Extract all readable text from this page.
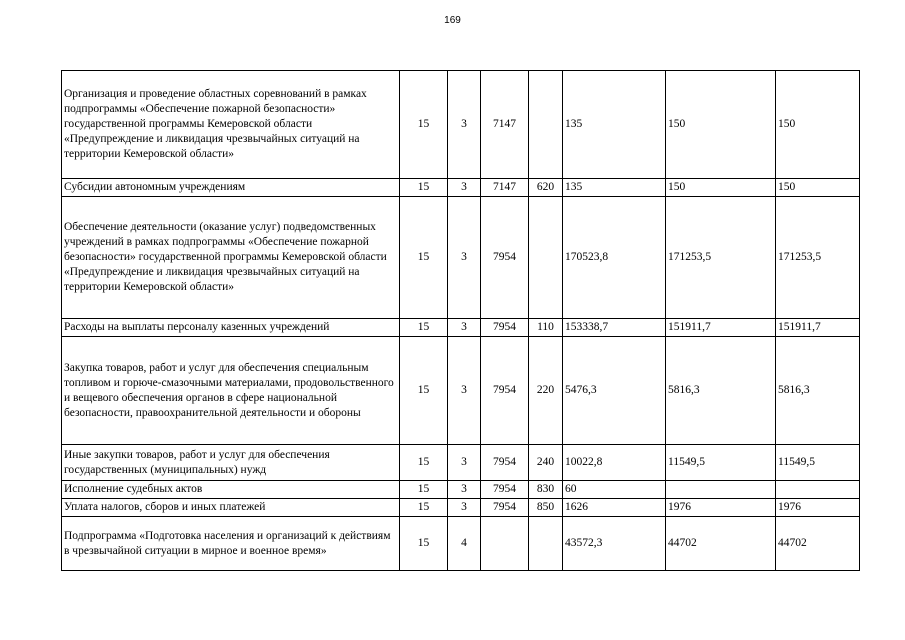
169
Организация и проведение областных соревнований в рамках подпрограммы «Обеспечение пожарной безопасности» государственной программы Кемеровской области «Предупреждение и ликвидация чрезвычайных ситуаций на территории Кемеровской области»	15	3	7147		135	150	150
Субсидии автономным учреждениям	15	3	7147	620	135	150	150
Обеспечение деятельности (оказание услуг) подведомственных учреждений в рамках подпрограммы «Обеспечение пожарной безопасности» государственной программы Кемеровской области «Предупреждение и ликвидация чрезвычайных ситуаций на территории Кемеровской области»	15	3	7954		170523,8	171253,5	171253,5
Расходы на выплаты персоналу казенных учреждений	15	3	7954	110	153338,7	151911,7	151911,7
Закупка товаров, работ и услуг для обеспечения специальным топливом и горюче-смазочными материалами, продовольственного и вещевого обеспечения органов в сфере национальной безопасности, правоохранительной деятельности и обороны	15	3	7954	220	5476,3	5816,3	5816,3
Иные закупки товаров, работ и услуг для обеспечения государственных (муниципальных) нужд	15	3	7954	240	10022,8	11549,5	11549,5
Исполнение судебных актов	15	3	7954	830	60		
Уплата налогов, сборов и иных платежей	15	3	7954	850	1626	1976	1976
Подпрограмма «Подготовка населения и организаций к действиям в чрезвычайной ситуации в мирное и военное время»	15	4			43572,3	44702	44702
